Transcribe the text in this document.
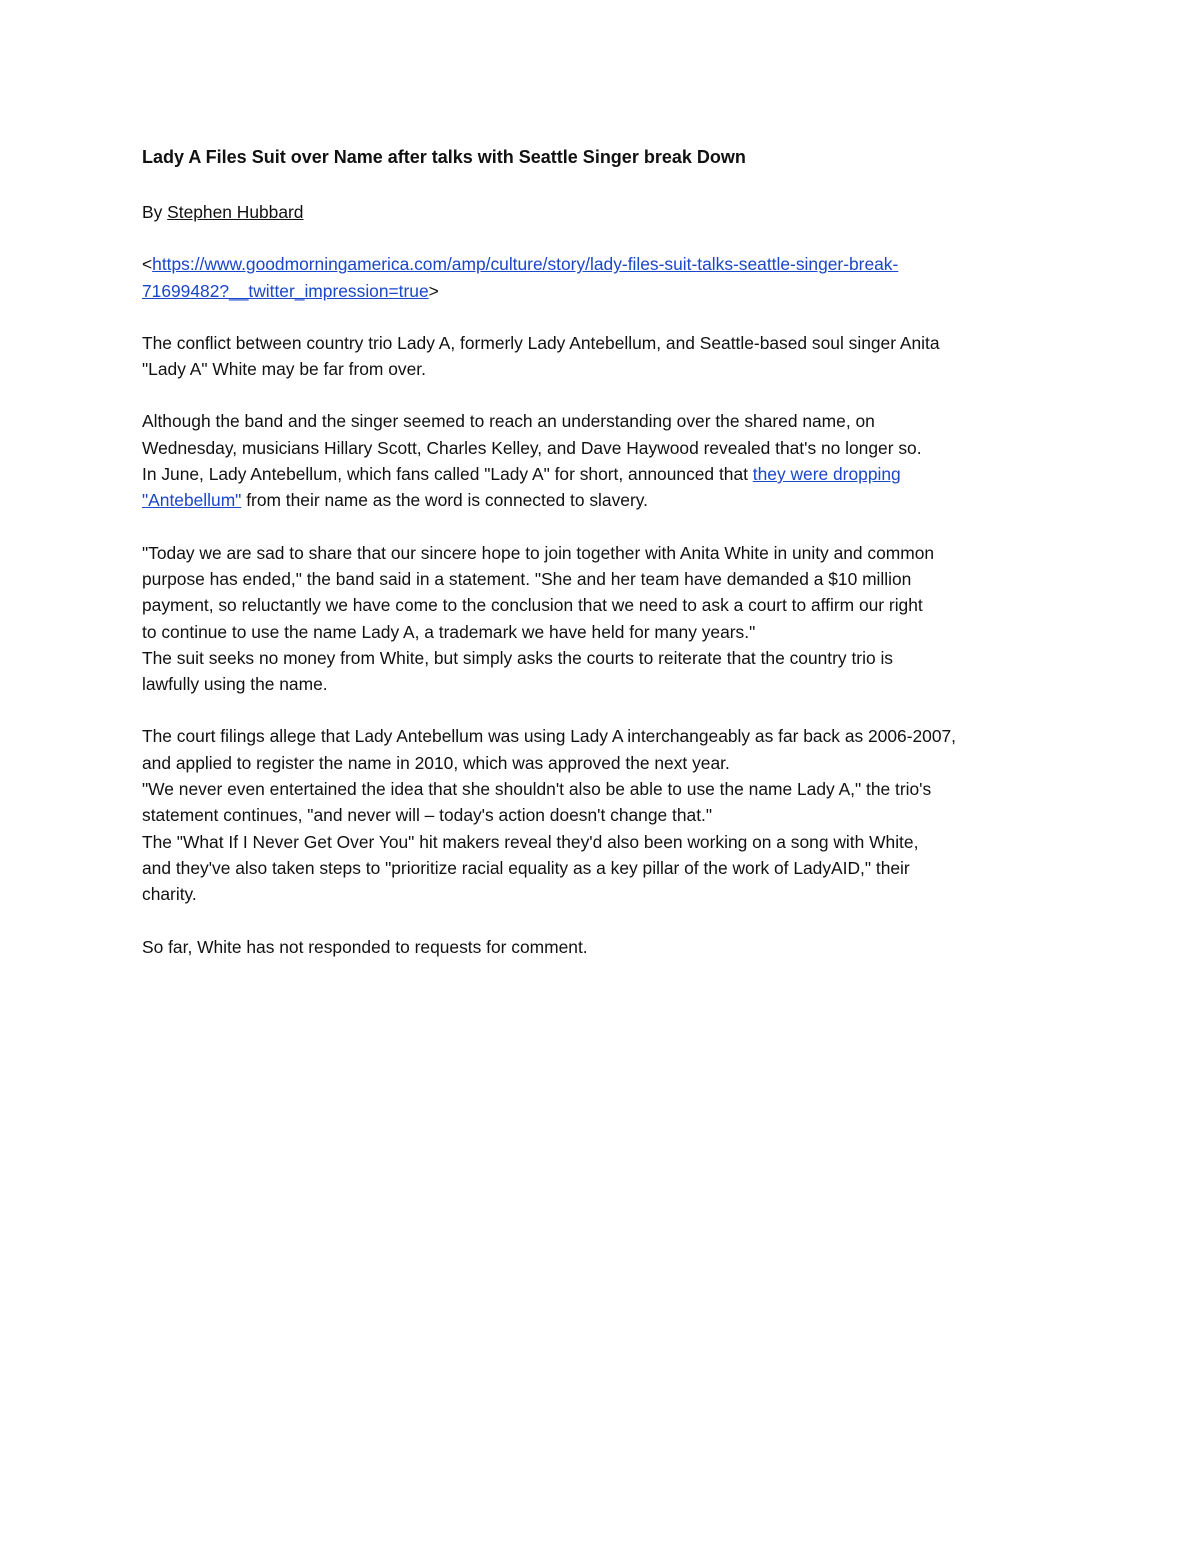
Lady A Files Suit over Name after talks with Seattle Singer break Down
By Stephen Hubbard
<https://www.goodmorningamerica.com/amp/culture/story/lady-files-suit-talks-seattle-singer-break-
71699482?__twitter_impression=true>
The conflict between country trio Lady A, formerly Lady Antebellum, and Seattle-based soul singer Anita
"Lady A" White may be far from over.
Although the band and the singer seemed to reach an understanding over the shared name, on
Wednesday, musicians Hillary Scott, Charles Kelley, and Dave Haywood revealed that's no longer so.
In June, Lady Antebellum, which fans called "Lady A" for short, announced that they were dropping
"Antebellum" from their name as the word is connected to slavery.
"Today we are sad to share that our sincere hope to join together with Anita White in unity and common
purpose has ended," the band said in a statement. "She and her team have demanded a $10 million
payment, so reluctantly we have come to the conclusion that we need to ask a court to affirm our right
to continue to use the name Lady A, a trademark we have held for many years."
The suit seeks no money from White, but simply asks the courts to reiterate that the country trio is
lawfully using the name.
The court filings allege that Lady Antebellum was using Lady A interchangeably as far back as 2006-2007,
and applied to register the name in 2010, which was approved the next year.
"We never even entertained the idea that she shouldn't also be able to use the name Lady A," the trio's
statement continues, "and never will – today's action doesn't change that."
The "What If I Never Get Over You" hit makers reveal they'd also been working on a song with White,
and they've also taken steps to "prioritize racial equality as a key pillar of the work of LadyAID," their
charity.
So far, White has not responded to requests for comment.
